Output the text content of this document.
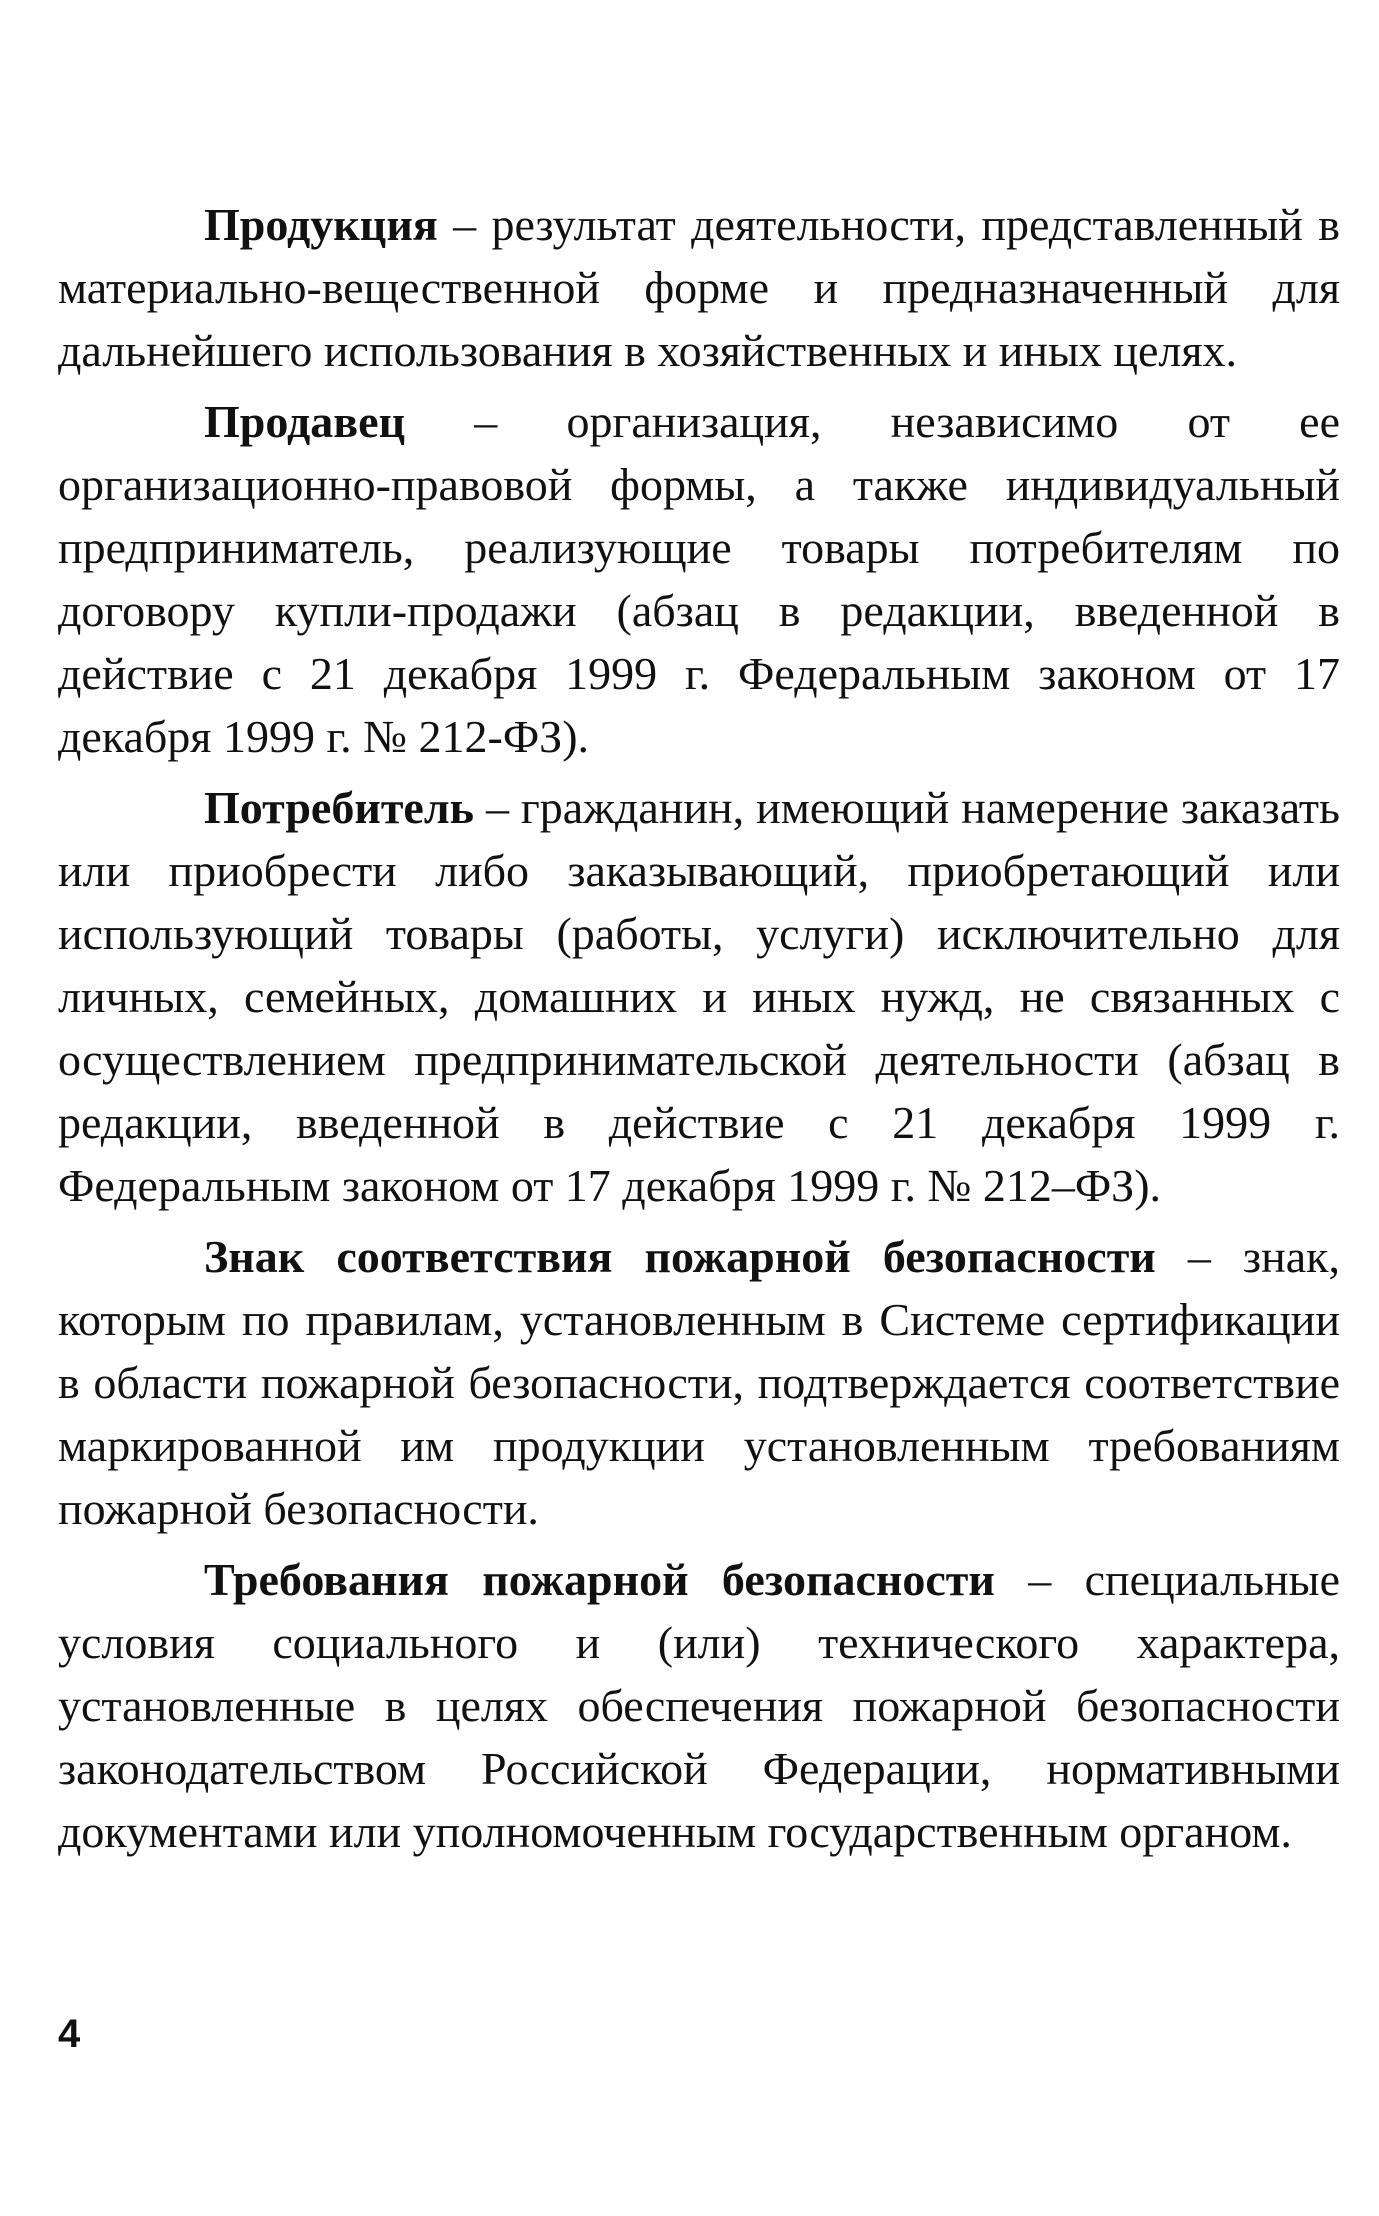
Продукция – результат деятельности, представленный в материально-вещественной форме и предназначенный для дальнейшего использования в хозяйственных и иных целях.

Продавец – организация, независимо от ее организационно-правовой формы, а также индивидуальный предприниматель, реализующие товары потребителям по договору купли-продажи (абзац в редакции, введенной в действие с 21 декабря 1999 г. Федеральным законом от 17 декабря 1999 г. № 212-ФЗ).

Потребитель – гражданин, имеющий намерение заказать или приобрести либо заказывающий, приобретающий или использующий товары (работы, услуги) исключительно для личных, семейных, домашних и иных нужд, не связанных с осуществлением предпринимательской деятельности (абзац в редакции, введенной в действие с 21 декабря 1999 г. Федеральным законом от 17 декабря 1999 г. № 212–ФЗ).

Знак соответствия пожарной безопасности – знак, которым по правилам, установленным в Системе сертификации в области пожарной безопасности, подтверждается соответствие маркированной им продукции установленным требованиям пожарной безопасности.

Требования пожарной безопасности – специальные условия социального и (или) технического характера, установленные в целях обеспечения пожарной безопасности законодательством Российской Федерации, нормативными документами или уполномоченным государственным органом.

4
